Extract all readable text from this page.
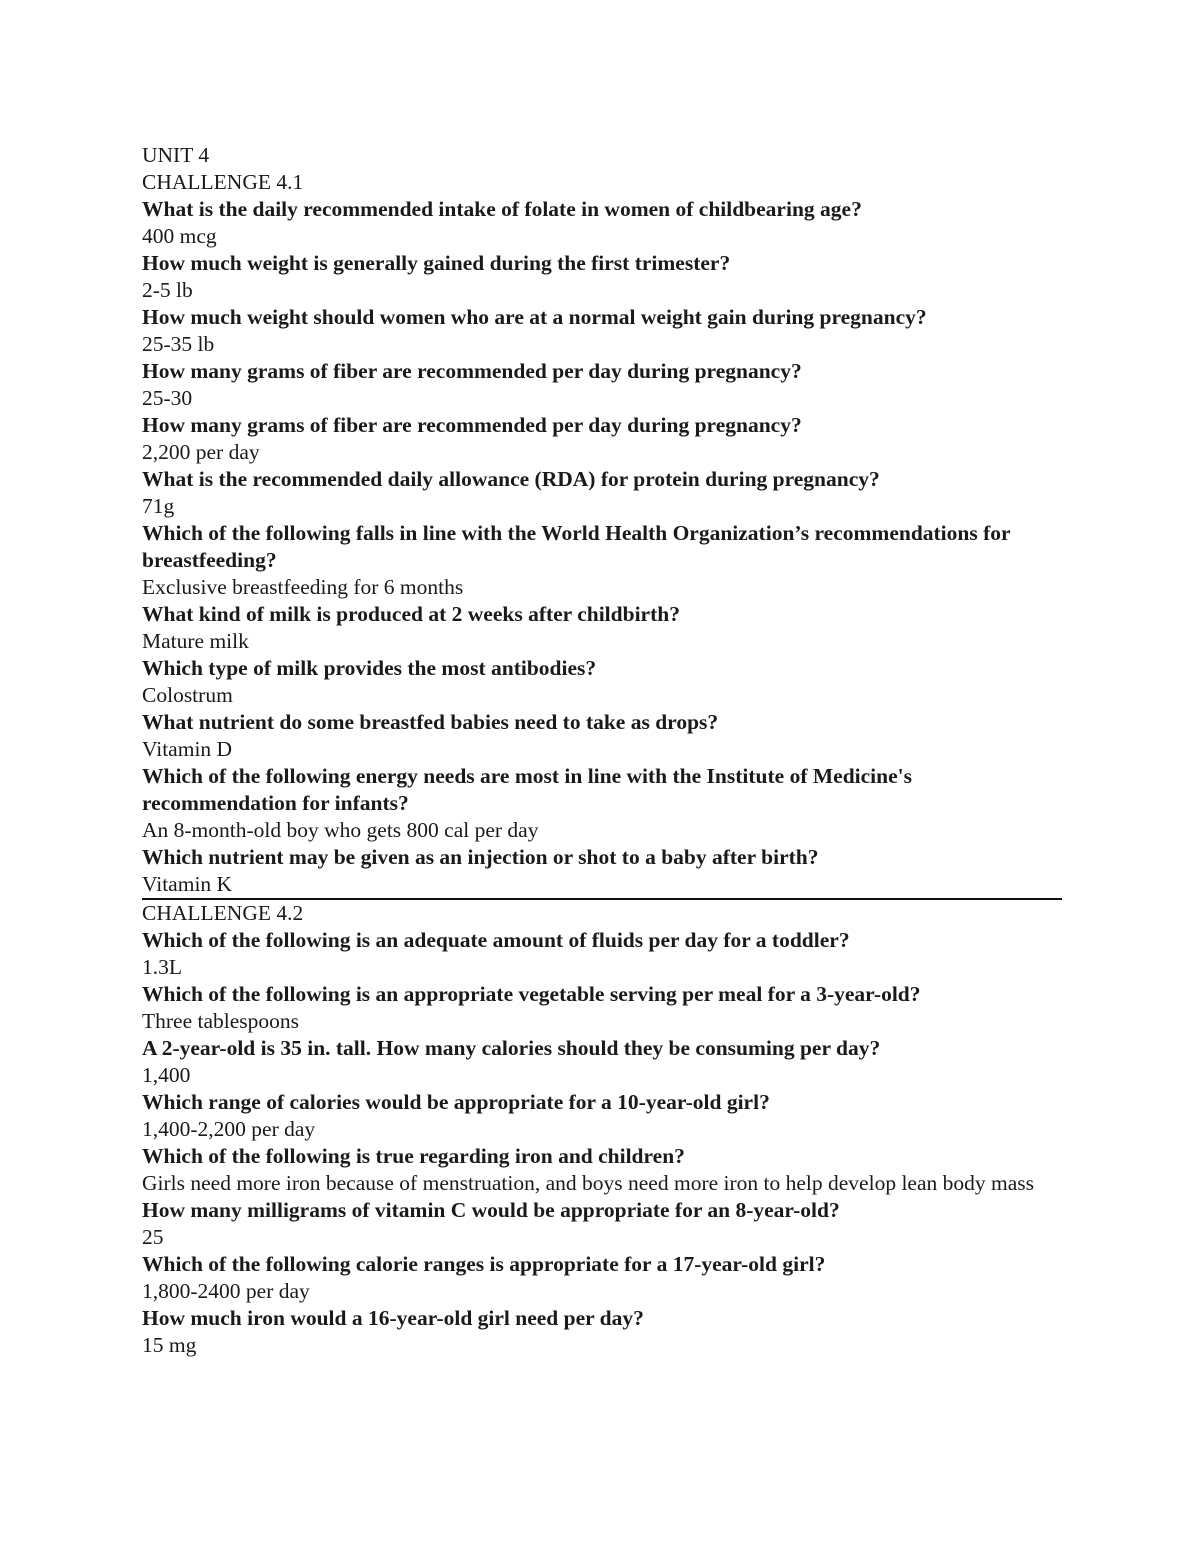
UNIT 4
CHALLENGE 4.1
What is the daily recommended intake of folate in women of childbearing age?
400 mcg
How much weight is generally gained during the first trimester?
2-5 lb
How much weight should women who are at a normal weight gain during pregnancy?
25-35 lb
How many grams of fiber are recommended per day during pregnancy?
25-30
How many grams of fiber are recommended per day during pregnancy?
2,200 per day
What is the recommended daily allowance (RDA) for protein during pregnancy?
71g
Which of the following falls in line with the World Health Organization’s recommendations for breastfeeding?
Exclusive breastfeeding for 6 months
What kind of milk is produced at 2 weeks after childbirth?
Mature milk
Which type of milk provides the most antibodies?
Colostrum
What nutrient do some breastfed babies need to take as drops?
Vitamin D
Which of the following energy needs are most in line with the Institute of Medicine's recommendation for infants?
An 8-month-old boy who gets 800 cal per day
Which nutrient may be given as an injection or shot to a baby after birth?
Vitamin K
CHALLENGE 4.2
Which of the following is an adequate amount of fluids per day for a toddler?
1.3L
Which of the following is an appropriate vegetable serving per meal for a 3-year-old?
Three tablespoons
A 2-year-old is 35 in. tall. How many calories should they be consuming per day?
1,400
Which range of calories would be appropriate for a 10-year-old girl?
1,400-2,200 per day
Which of the following is true regarding iron and children?
Girls need more iron because of menstruation, and boys need more iron to help develop lean body mass
How many milligrams of vitamin C would be appropriate for an 8-year-old?
25
Which of the following calorie ranges is appropriate for a 17-year-old girl?
1,800-2400 per day
How much iron would a 16-year-old girl need per day?
15 mg
